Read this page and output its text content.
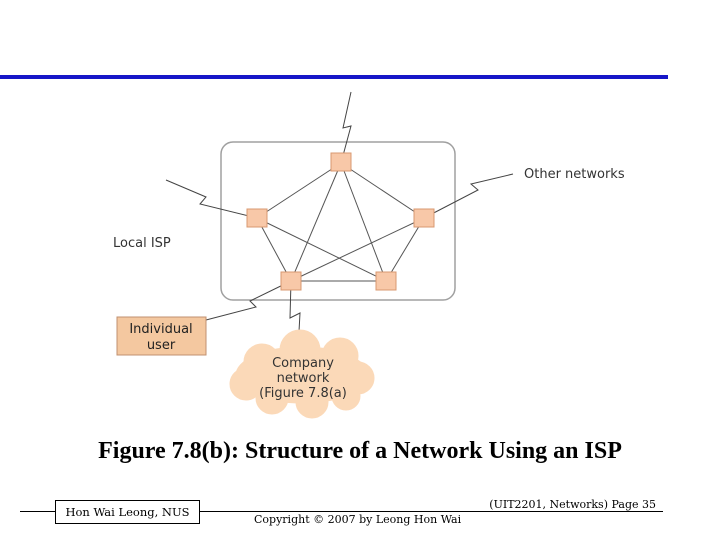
Individual
user
Company
network
(Figure 7.8(a)
Local ISP
Other networks
Figure 7.8(b): Structure of a Network Using an ISP
Hon Wai Leong, NUS
Copyright © 2007 by Leong Hon Wai
(UIT2201, Networks) Page 35
